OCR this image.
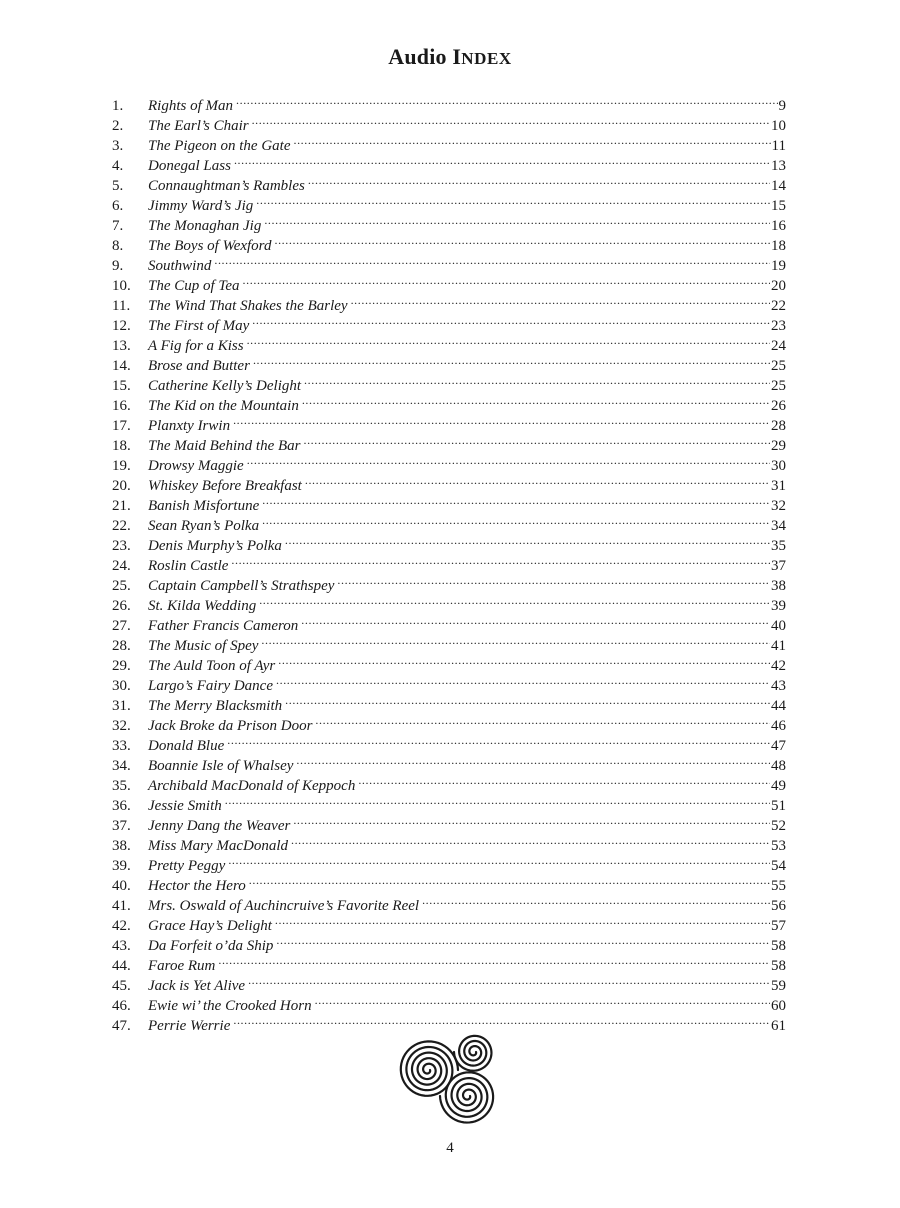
Audio INDEX
1.	Rights of Man .....	9
2.	The Earl’s Chair .....	10
3.	The Pigeon on the Gate .....	11
4.	Donegal Lass .....	13
5.	Connaughtman’s Rambles .....	14
6.	Jimmy Ward’s Jig .....	15
7.	The Monaghan Jig .....	16
8.	The Boys of Wexford .....	18
9.	Southwind .....	19
10.	The Cup of Tea .....	20
11.	The Wind That Shakes the Barley .....	22
12.	The First of May .....	23
13.	A Fig for a Kiss .....	24
14.	Brose and Butter .....	25
15.	Catherine Kelly’s Delight .....	25
16.	The Kid on the Mountain .....	26
17.	Planxty Irwin .....	28
18.	The Maid Behind the Bar .....	29
19.	Drowsy Maggie .....	30
20.	Whiskey Before Breakfast .....	31
21.	Banish Misfortune .....	32
22.	Sean Ryan’s Polka .....	34
23.	Denis Murphy’s Polka .....	35
24.	Roslin Castle .....	37
25.	Captain Campbell’s Strathspey .....	38
26.	St. Kilda Wedding .....	39
27.	Father Francis Cameron .....	40
28.	The Music of Spey .....	41
29.	The Auld Toon of Ayr .....	42
30.	Largo’s Fairy Dance .....	43
31.	The Merry Blacksmith .....	44
32.	Jack Broke da Prison Door .....	46
33.	Donald Blue .....	47
34.	Boannie Isle of Whalsey .....	48
35.	Archibald MacDonald of Keppoch .....	49
36.	Jessie Smith .....	51
37.	Jenny Dang the Weaver .....	52
38.	Miss Mary MacDonald .....	53
39.	Pretty Peggy .....	54
40.	Hector the Hero .....	55
41.	Mrs. Oswald of Auchincruive’s Favorite Reel .....	56
42.	Grace Hay’s Delight .....	57
43.	Da Forfeit o’da Ship .....	58
44.	Faroe Rum .....	58
45.	Jack is Yet Alive .....	59
46.	Ewie wi’ the Crooked Horn .....	60
47.	Perrie Werrie .....	61
4
